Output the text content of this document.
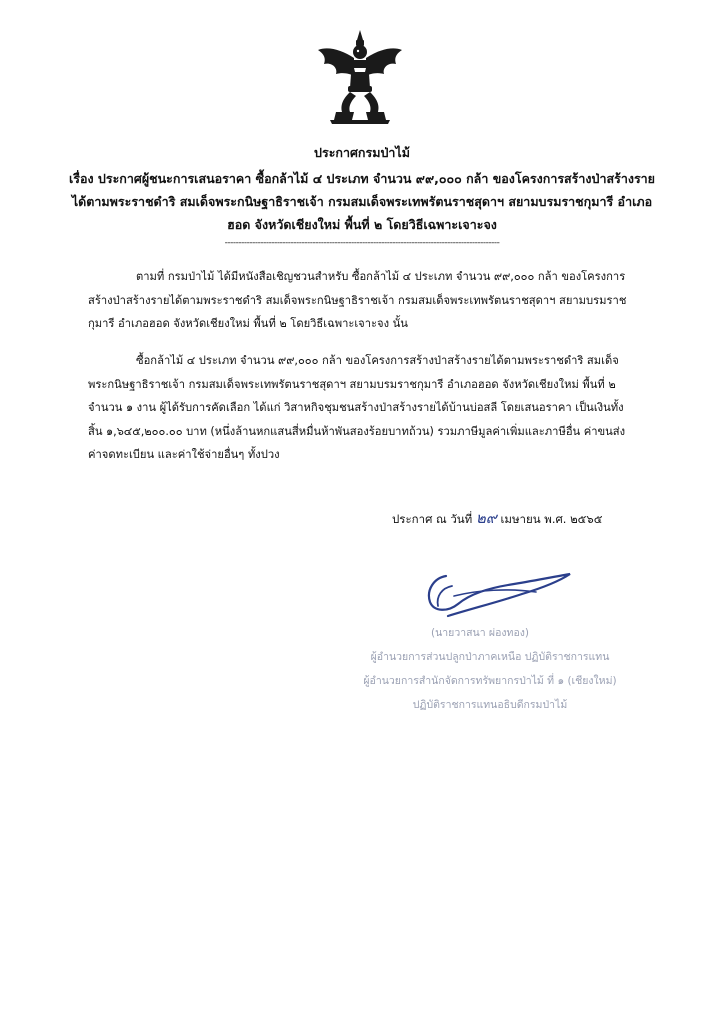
ประกาศกรมป่าไม้
เรื่อง ประกาศผู้ชนะการเสนอราคา ซื้อกล้าไม้ ๔ ประเภท จำนวน ๙๙,๐๐๐ กล้า ของโครงการสร้างป่าสร้างราย
ได้ตามพระราชดำริ สมเด็จพระกนิษฐาธิราชเจ้า กรมสมเด็จพระเทพรัตนราชสุดาฯ สยามบรมราชกุมารี อำเภอ
ฮอด จังหวัดเชียงใหม่ พื้นที่ ๒ โดยวิธีเฉพาะเจาะจง
----------------------------------------------------------------------------------------------------
ตามที่ กรมป่าไม้ ได้มีหนังสือเชิญชวนสำหรับ ซื้อกล้าไม้ ๔ ประเภท จำนวน ๙๙,๐๐๐ กล้า ของโครงการ
สร้างป่าสร้างรายได้ตามพระราชดำริ สมเด็จพระกนิษฐาธิราชเจ้า กรมสมเด็จพระเทพรัตนราชสุดาฯ สยามบรมราช
กุมารี อำเภอฮอด จังหวัดเชียงใหม่ พื้นที่ ๒ โดยวิธีเฉพาะเจาะจง นั้น
ซื้อกล้าไม้ ๔ ประเภท จำนวน ๙๙,๐๐๐ กล้า ของโครงการสร้างป่าสร้างรายได้ตามพระราชดำริ สมเด็จ
พระกนิษฐาธิราชเจ้า กรมสมเด็จพระเทพรัตนราชสุดาฯ สยามบรมราชกุมารี อำเภอฮอด จังหวัดเชียงใหม่ พื้นที่ ๒
จำนวน ๑ งาน ผู้ได้รับการคัดเลือก ได้แก่ วิสาหกิจชุมชนสร้างป่าสร้างรายได้บ้านบ่อสลี โดยเสนอราคา เป็นเงินทั้ง
สิ้น ๑,๖๔๕,๒๐๐.๐๐ บาท (หนึ่งล้านหกแสนสี่หมื่นห้าพันสองร้อยบาทถ้วน) รวมภาษีมูลค่าเพิ่มและภาษีอื่น ค่าขนส่ง
ค่าจดทะเบียน และค่าใช้จ่ายอื่นๆ ทั้งปวง
ประกาศ ณ วันที่ ๒๙ เมษายน พ.ศ. ๒๕๖๕
(นายวาสนา ผ่องทอง)
ผู้อำนวยการส่วนปลูกป่าภาคเหนือ ปฏิบัติราชการแทน
ผู้อำนวยการสำนักจัดการทรัพยากรป่าไม้ ที่ ๑ (เชียงใหม่)
ปฏิบัติราชการแทนอธิบดีกรมป่าไม้
